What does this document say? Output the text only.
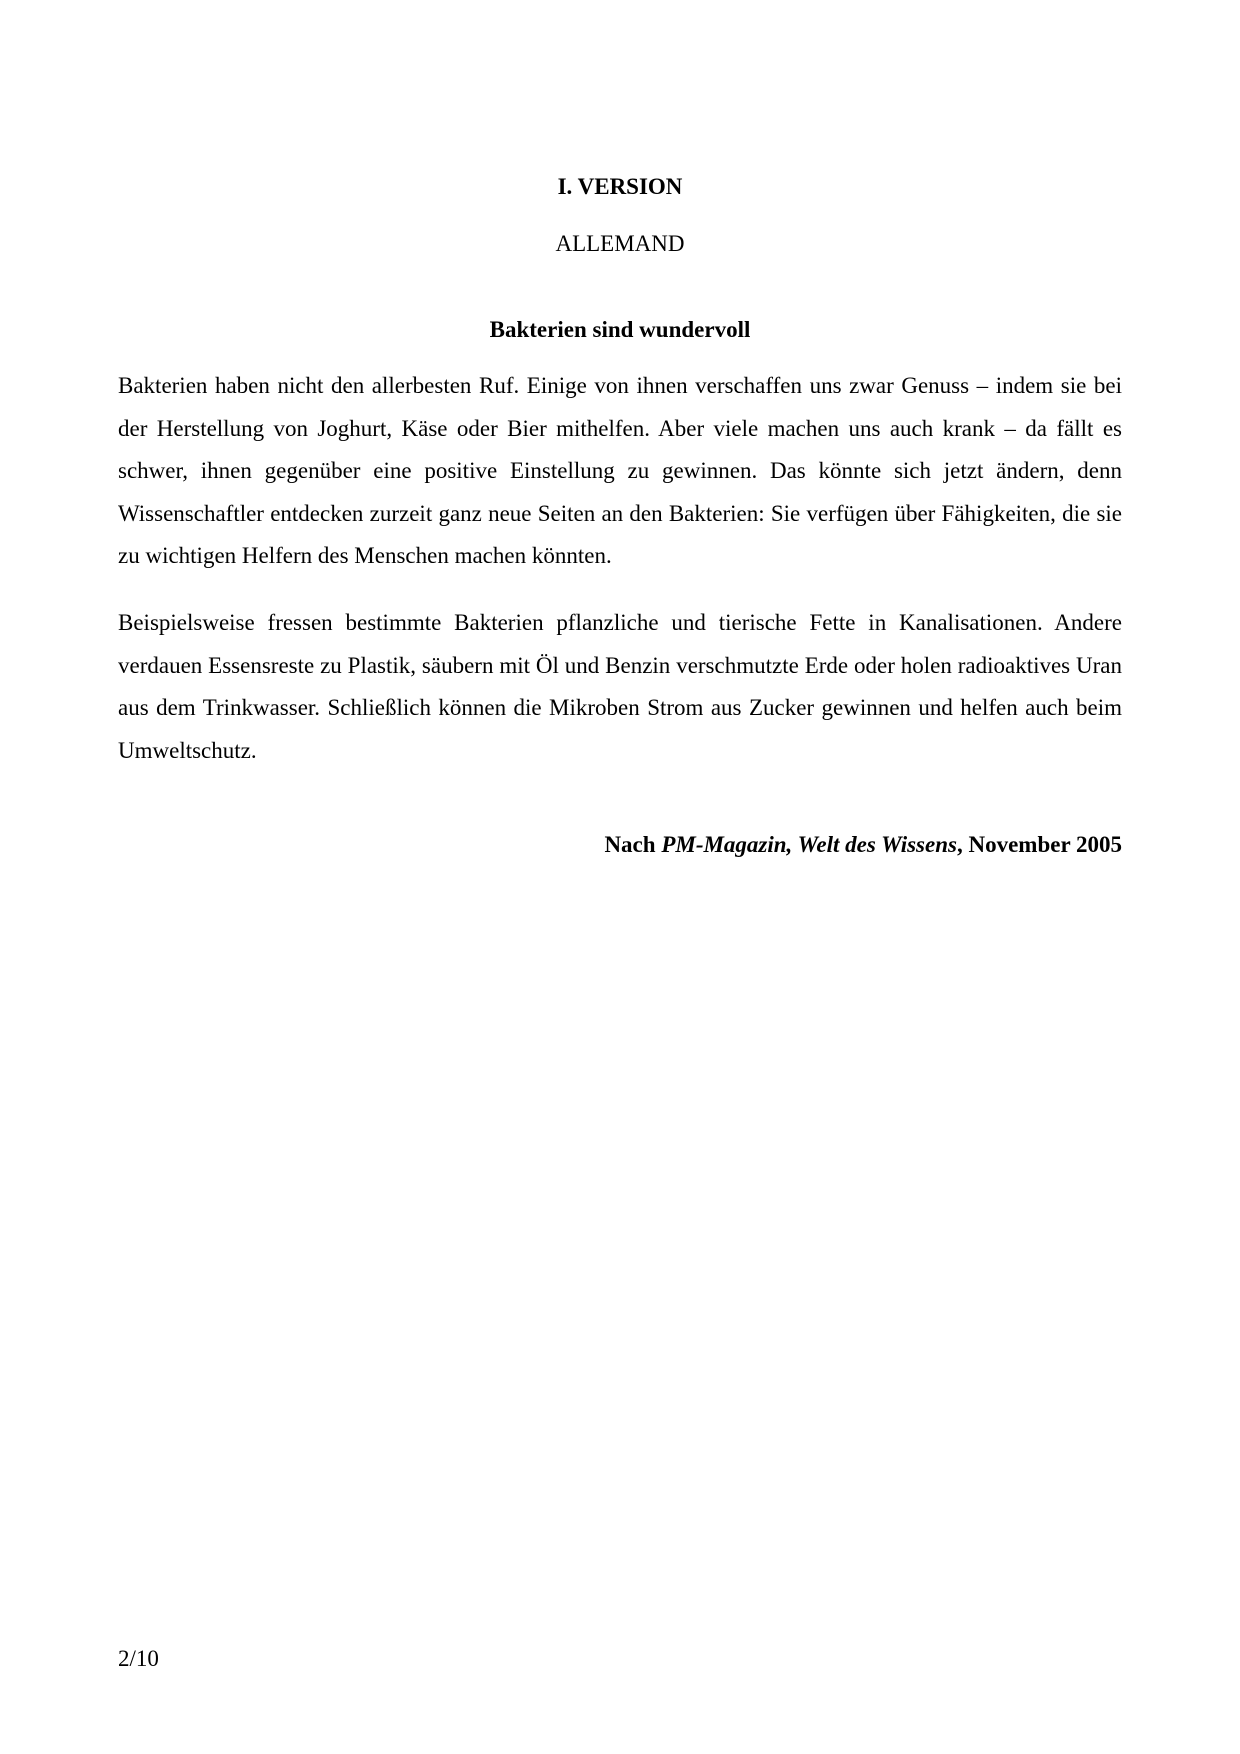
I. VERSION
ALLEMAND
Bakterien sind wundervoll

Bakterien haben nicht den allerbesten Ruf. Einige von ihnen verschaffen uns zwar Genuss – indem sie bei der Herstellung von Joghurt, Käse oder Bier mithelfen. Aber viele machen uns auch krank – da fällt es schwer, ihnen gegenüber eine positive Einstellung zu gewinnen. Das könnte sich jetzt ändern, denn Wissenschaftler entdecken zurzeit ganz neue Seiten an den Bakterien: Sie verfügen über Fähigkeiten, die sie zu wichtigen Helfern des Menschen machen könnten.

Beispielsweise fressen bestimmte Bakterien pflanzliche und tierische Fette in Kanalisationen. Andere verdauen Essensreste zu Plastik, säubern mit Öl und Benzin verschmutzte Erde oder holen radioaktives Uran aus dem Trinkwasser. Schließlich können die Mikroben Strom aus Zucker gewinnen und helfen auch beim Umweltschutz.

Nach PM-Magazin, Welt des Wissens, November 2005

2/10
